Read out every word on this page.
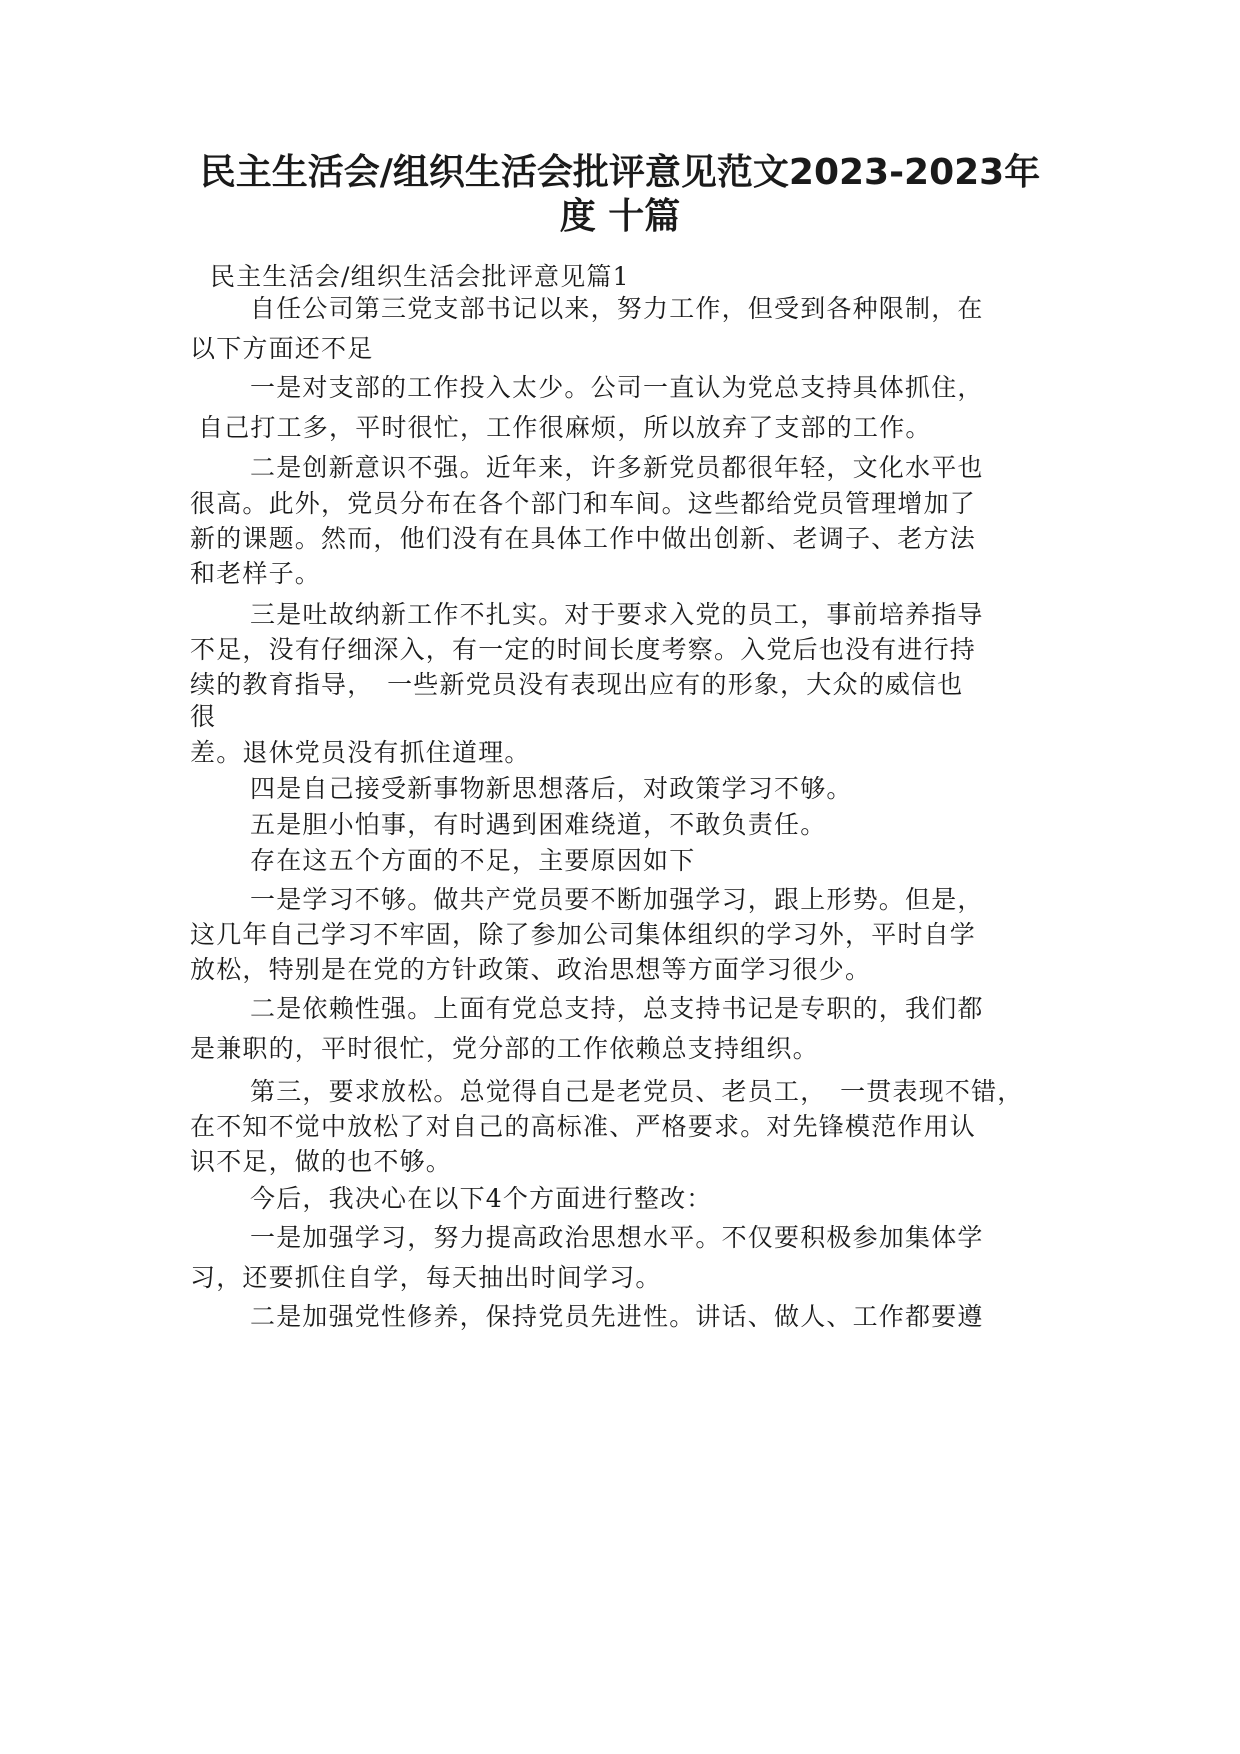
民主生活会/组织生活会批评意见范文2023-2023年
度 十篇
民主生活会/组织生活会批评意见篇1
自任公司第三党支部书记以来，努力工作，但受到各种限制，在
以下方面还不足
一是对支部的工作投入太少。公司一直认为党总支持具体抓住，
自己打工多，平时很忙，工作很麻烦，所以放弃了支部的工作。
二是创新意识不强。近年来，许多新党员都很年轻，文化水平也
很高。此外，党员分布在各个部门和车间。这些都给党员管理增加了
新的课题。然而，他们没有在具体工作中做出创新、老调子、老方法
和老样子。
三是吐故纳新工作不扎实。对于要求入党的员工，事前培养指导
不足，没有仔细深入，有一定的时间长度考察。入党后也没有进行持
续的教育指导，　一些新党员没有表现出应有的形象，大众的威信也
很
差。退休党员没有抓住道理。
四是自己接受新事物新思想落后，对政策学习不够。
五是胆小怕事，有时遇到困难绕道，不敢负责任。
存在这五个方面的不足，主要原因如下
一是学习不够。做共产党员要不断加强学习，跟上形势。但是，
这几年自己学习不牢固，除了参加公司集体组织的学习外，平时自学
放松，特别是在党的方针政策、政治思想等方面学习很少。
二是依赖性强。上面有党总支持，总支持书记是专职的，我们都
是兼职的，平时很忙，党分部的工作依赖总支持组织。
第三，要求放松。总觉得自己是老党员、老员工，　一贯表现不错，
在不知不觉中放松了对自己的高标准、严格要求。对先锋模范作用认
识不足，做的也不够。
今后，我决心在以下4个方面进行整改：
一是加强学习，努力提高政治思想水平。不仅要积极参加集体学
习，还要抓住自学，每天抽出时间学习。
二是加强党性修养，保持党员先进性。讲话、做人、工作都要遵
